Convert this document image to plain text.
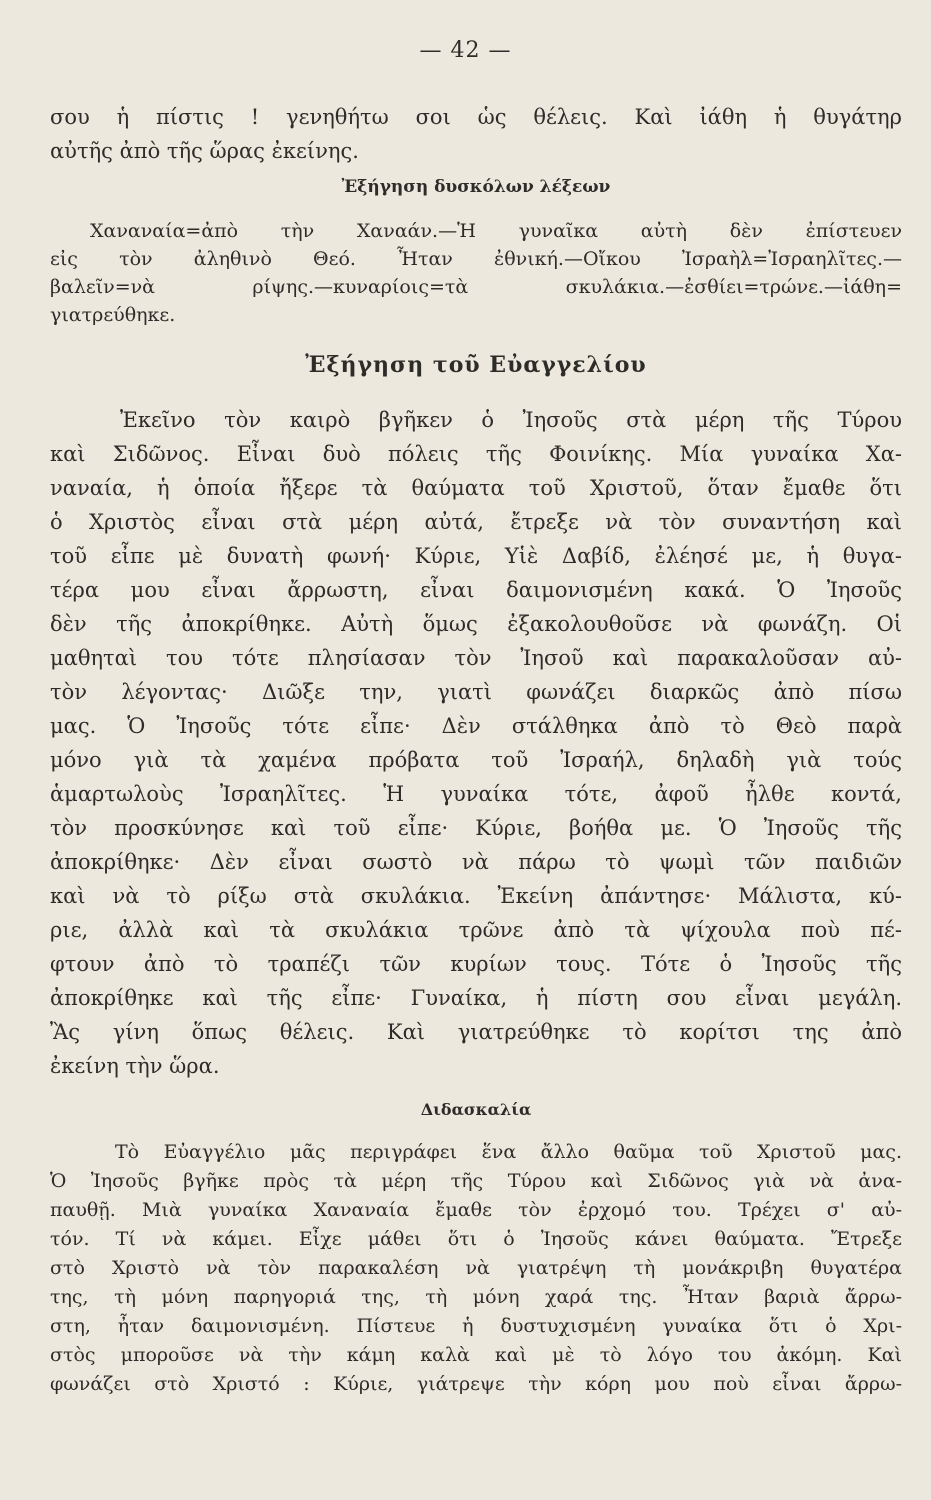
— 42 —
σου ἡ πίστις ! γενηθήτω σοι ὡς θέλεις. Καὶ ἰάθη ἡ θυγάτηρ
αὐτῆς ἀπὸ τῆς ὥρας ἐκείνης.
Ἐξήγηση δυσκόλων λέξεων
Χαναναία=ἀπὸ τὴν Χαναάν.—Ἡ γυναῖκα αὐτὴ δὲν ἐπίστευεν
εἰς τὸν ἀληθινὸ Θεό. Ἦταν ἐθνική.—Οἴκου Ἰσραὴλ=Ἰσραηλῖτες.—
βαλεῖν=νὰ ρίψης.—κυναρίοις=τὰ σκυλάκια.—ἐσθίει=τρώνε.—ἰάθη=
γιατρεύθηκε.
Ἐξήγηση τοῦ Εὐαγγελίου
Ἐκεῖνο τὸν καιρὸ βγῆκεν ὁ Ἰησοῦς στὰ μέρη τῆς Τύρου
καὶ Σιδῶνος. Εἶναι δυὸ πόλεις τῆς Φοινίκης. Μία γυναίκα Χα-
ναναία, ἡ ὁποία ἤξερε τὰ θαύματα τοῦ Χριστοῦ, ὅταν ἔμαθε ὅτι
ὁ Χριστὸς εἶναι στὰ μέρη αὐτά, ἔτρεξε νὰ τὸν συναντήση καὶ
τοῦ εἶπε μὲ δυνατὴ φωνή· Κύριε, Υἱὲ Δαβίδ, ἐλέησέ με, ἡ θυγα-
τέρα μου εἶναι ἄρρωστη, εἶναι δαιμονισμένη κακά. Ὁ Ἰησοῦς
δὲν τῆς ἀποκρίθηκε. Αὐτὴ ὅμως ἐξακολουθοῦσε νὰ φωνάζη. Οἱ
μαθηταὶ του τότε πλησίασαν τὸν Ἰησοῦ καὶ παρακαλοῦσαν αὐ-
τὸν λέγοντας· Διῶξε την, γιατὶ φωνάζει διαρκῶς ἀπὸ πίσω
μας. Ὁ Ἰησοῦς τότε εἶπε· Δὲν στάλθηκα ἀπὸ τὸ Θεὸ παρὰ
μόνο γιὰ τὰ χαμένα πρόβατα τοῦ Ἰσραήλ, δηλαδὴ γιὰ τούς
ἁμαρτωλοὺς Ἰσραηλῖτες. Ἡ γυναίκα τότε, ἀφοῦ ἦλθε κοντά,
τὸν προσκύνησε καὶ τοῦ εἶπε· Κύριε, βοήθα με. Ὁ Ἰησοῦς τῆς
ἀποκρίθηκε· Δὲν εἶναι σωστὸ νὰ πάρω τὸ ψωμὶ τῶν παιδιῶν
καὶ νὰ τὸ ρίξω στὰ σκυλάκια. Ἐκείνη ἀπάντησε· Μάλιστα, κύ-
ριε, ἀλλὰ καὶ τὰ σκυλάκια τρῶνε ἀπὸ τὰ ψίχουλα ποὺ πέ-
φτουν ἀπὸ τὸ τραπέζι τῶν κυρίων τους. Τότε ὁ Ἰησοῦς τῆς
ἀποκρίθηκε καὶ τῆς εἶπε· Γυναίκα, ἡ πίστη σου εἶναι μεγάλη.
Ἂς γίνη ὅπως θέλεις. Καὶ γιατρεύθηκε τὸ κορίτσι της ἀπὸ
ἐκείνη τὴν ὥρα.
Διδασκαλία
Τὸ Εὐαγγέλιο μᾶς περιγράφει ἕνα ἄλλο θαῦμα τοῦ Χριστοῦ μας.
Ὁ Ἰησοῦς βγῆκε πρὸς τὰ μέρη τῆς Τύρου καὶ Σιδῶνος γιὰ νὰ ἀνα-
παυθῇ. Μιὰ γυναίκα Χαναναία ἔμαθε τὸν ἐρχομό του. Τρέχει σ' αὐ-
τόν. Τί νὰ κάμει. Εἶχε μάθει ὅτι ὁ Ἰησοῦς κάνει θαύματα. Ἔτρεξε
στὸ Χριστὸ νὰ τὸν παρακαλέση νὰ γιατρέψη τὴ μονάκριβη θυγατέρα
της, τὴ μόνη παρηγοριά της, τὴ μόνη χαρά της. Ἦταν βαριὰ ἄρρω-
στη, ἦταν δαιμονισμένη. Πίστευε ἡ δυστυχισμένη γυναίκα ὅτι ὁ Χρι-
στὸς μποροῦσε νὰ τὴν κάμη καλὰ καὶ μὲ τὸ λόγο του ἀκόμη. Καὶ
φωνάζει στὸ Χριστό : Κύριε, γιάτρεψε τὴν κόρη μου ποὺ εἶναι ἄρρω-
